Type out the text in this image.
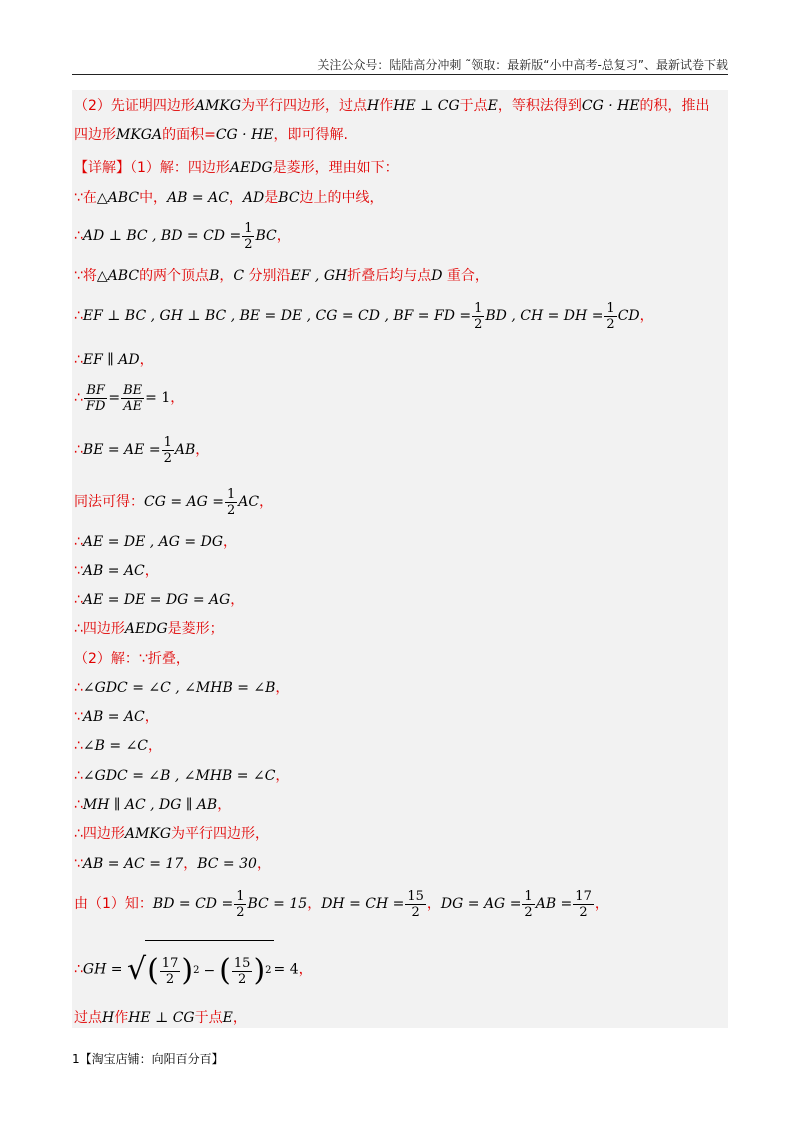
关注公众号：陆陆高分冲刺 ˜领取：最新版“小中高考-总复习”、最新试卷下载
（2）先证明四边形AMKG为平行四边形，过点H作HE ⊥ CG于点E，等积法得到CG · HE的积，推出
四边形MKGA的面积=CG · HE，即可得解.
【详解】（1）解：四边形AEDG是菱形，理由如下：
∵在△ABC中，AB = AC，AD是BC边上的中线，
∴AD ⊥ BC , BD = CD = $\frac{1}{2}$ BC，
∵将△ABC的两个顶点B，C 分别沿EF , GH折叠后均与点D 重合，
∴EF ⊥ BC , GH ⊥ BC , BE = DE , CG = CD , BF = FD = $\frac{1}{2}$ BD , CH = DH = $\frac{1}{2}$ CD，
∴EF ∥ AD，
∴ $\frac{BF}{FD} = \frac{BE}{AE} = 1$，
∴BE = AE = $\frac{1}{2}$ AB，
同法可得：CG = AG = $\frac{1}{2}$ AC，
∴AE = DE , AG = DG，
∵AB = AC，
∴AE = DE = DG = AG，
∴四边形AEDG是菱形；
（2）解：∵折叠，
∴∠GDC = ∠C , ∠MHB = ∠B，
∵AB = AC，
∴∠B = ∠C，
∴∠GDC = ∠B , ∠MHB = ∠C，
∴MH ∥ AC , DG ∥ AB，
∴四边形AMKG为平行四边形，
∵AB = AC = 17，BC = 30，
由（1）知：BD = CD = $\frac{1}{2}$ BC = 15，DH = CH = $\frac{15}{2}$ ，DG = AG = $\frac{1}{2}$ AB = $\frac{17}{2}$ ，
∴GH = √ ( $\frac{17}{2}$ ) 2 − ( $\frac{15}{2}$ ) 2 = 4，
过点H作HE ⊥ CG于点E，
1【淘宝店铺：向阳百分百】
